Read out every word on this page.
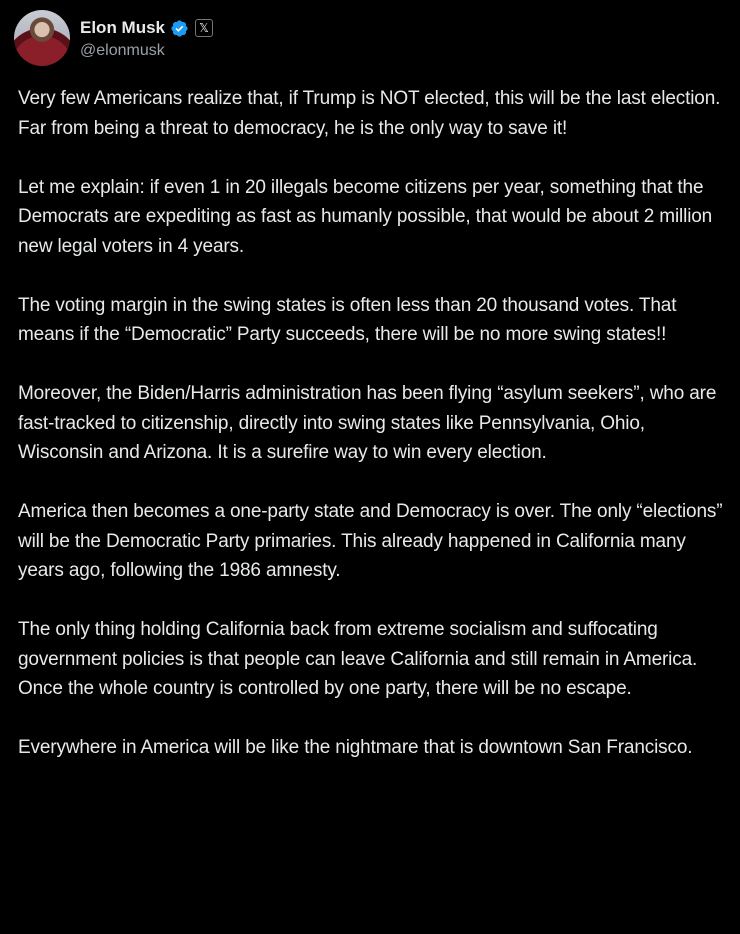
Elon Musk	𝕏
@elonmusk

Very few Americans realize that, if Trump is NOT elected, this will be the last election. Far from being a threat to democracy, he is the only way to save it!

Let me explain: if even 1 in 20 illegals become citizens per year, something that the Democrats are expediting as fast as humanly possible, that would be about 2 million new legal voters in 4 years.

The voting margin in the swing states is often less than 20 thousand votes. That means if the “Democratic” Party succeeds, there will be no more swing states!!

Moreover, the Biden/Harris administration has been flying “asylum seekers”, who are fast-tracked to citizenship, directly into swing states like Pennsylvania, Ohio, Wisconsin and Arizona. It is a surefire way to win every election.

America then becomes a one-party state and Democracy is over. The only “elections” will be the Democratic Party primaries. This already happened in California many years ago, following the 1986 amnesty.

The only thing holding California back from extreme socialism and suffocating government policies is that people can leave California and still remain in America. Once the whole country is controlled by one party, there will be no escape.

Everywhere in America will be like the nightmare that is downtown San Francisco.
